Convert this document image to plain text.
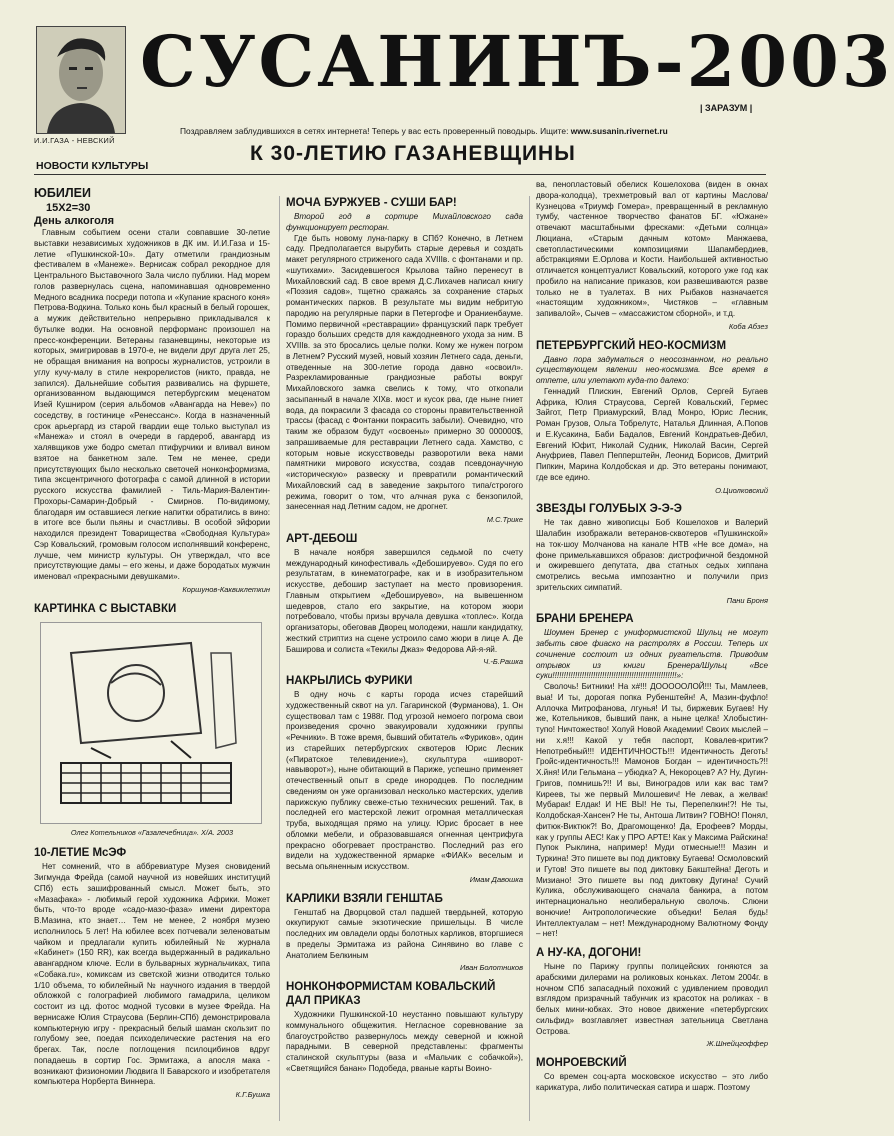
И.И.ГАЗА - НЕВСКИЙ
СУСАНИНЪ-2003
| ЗАРАЗУМ |
Поздравляем заблудившихся в сетях интернета! Теперь у вас есть проверенный поводырь. Ищите: www.susanin.rivernet.ru
К 30-ЛЕТИЮ ГАЗАНЕВЩИНЫ
НОВОСТИ КУЛЬТУРЫ
ЮБИЛЕИ
15Х2=30
День алкоголя

Главным событием осени стали совпавшие 30-летие выставки независимых художников в ДК им. И.И.Газа и 15-летие «Пушкинской-10». Дату отметили грандиозным фестивалем в «Манеже». Вернисаж собрал рекордное для Центрального Выставочного Зала число публики. Над морем голов развернулась сцена, напоминавшая одновременно Медного всадника посреди потопа и «Купание красного коня» Петрова-Водкина. Только конь был красный в белый горошек, а мужик действительно непрерывно прикладывался к бутылке водки. На основной перформанс произошел на пресс-конференции. Ветераны газаневщины, некоторые из которых, эмигрировав в 1970-е, не видели друг друга лет 25, не обращая внимания на вопросы журналистов, устроили в углу кучу-малу в стиле некрорелистов (никто, правда, не запился). Дальнейшие события развивались на фуршете, организованном выдающимся петербургским меценатом Изей Кушниром (серия альбомов «Авангарда на Неве») по соседству, в гостинице «Ренессанс». Когда в назначенный срок арьергард из старой гвардии еще только выступал из «Манежа» и стоял в очереди в гардероб, авангард из халявщиков уже бодро сметал птифурчики и вливал вином взятое на банкетном зале. Тем не менее, среди присутствующих было несколько светочей нонконформизма, типа эксцентричного фотографа с самой длинной в истории русского искусства фамилией - Тиль-Мария-Валентин-Прохоры-Самарин-Добрый - Смирнов. По-видимому, благодаря им оставшиеся легкие напитки обратились в вино: в итоге все были пьяны и счастливы. В особой эйфории находился президент Товарищества «Свободная Культура» Сэр Ковальский, громовым голосом исполнявший конференс, лучше, чем министр культуры. Он утверждал, что все присутствующие дамы – его жены, и даже бородатых мужчин именовал «прекрасными девушками».

Коршунов-Каквиклеткин
КАРТИНКА С ВЫСТАВКИ
Олег Котельников «Газалечебница». Х/А. 2003
10-ЛЕТИЕ МсЭФ

Нет сомнений, что в аббревиатуре Музея сновидений Зигмунда Фрейда (самой научной из новейших институций СПб) есть зашифрованный смысл. Может быть, это «Мазафака» - любимый герой художника Африки. Может быть, что-то вроде «садо-мазо-фаза» имени директора В.Мазина, кто знает… Тем не менее, 2 ноября музею исполнилось 5 лет! На юбилее всех потчевали зеленоватым чайком и предлагали купить юбилейный № журнала «Кабинет» (150 RR), как всегда выдержанный в радикально авангардном ключе. Если в бульварных журнальчиках, типа «Собака.ru», комиксам из светской жизни отводится только 1/10 объема, то юбилейный № научного издания в твердой обложкой с голографией любимого гамадрила, целиком состоит из цд. фотос модной тусовки в музее Фрейда. На вернисаже Юлия Страусова (Берлин-СПб) демонстрировала компьютерную игру - прекрасный белый шаман скользит по голубому зее, поедая психоделические растения на его брегах. Так, после поглощения псилоцибинов вдруг попадаешь в сортир Гос. Эрмитажа, а апосля мака - возникают физиономии Людвига II Баварского и изобретателя компьютера Норберта Виннера.

К.Г.Бушка
МОЧА БУРЖУЕВ - СУШИ БАР!

Второй год в сортире Михайловского сада функционирует ресторан.

Где быть новому луна-парку в СПб? Конечно, в Летнем саду. Предполагается вырубить старые деревья и создать макет регулярного стриженого сада XVIIIв. с фонтанами и пр. «шутихами». Засидевшегося Крылова тайно перенесут в Михайловский сад. В свое время Д.С.Лихачев написал книгу «Поэзия садов», тщетно сражаясь за сохранение старых романтических парков. В результате мы видим небритую пародию на регулярные парки в Петергофе и Ораниенбауме. Помимо первичной «реставрации» французский парк требует гораздо больших средств для каждодневного ухода за ним. В XVIIIв. за это бросались целые полки. Кому же нужен погром в Летнем? Русский музей, новый хозяин Летнего сада, деньги, отведенные на 300-летие города давно «освоил». Разрекламированные грандиозные работы вокруг Михайловского замка свелись к тому, что откопали засыпанный в начале XIXв. мост и кусок рва, где ныне гниет вода, да покрасили 3 фасада со стороны правительственной трассы (фасад с Фонтанки покрасить забыли). Очевидно, что таким же образом будут «освоены» примерно 30 000000$, запрашиваемые для реставрации Летнего сада. Хамство, с которым новые искусствоведы разворотили века нами памятники мирового искусства, создав псевдонаучную «историческую» развеску и превратили романтический Михайловский сад в заведение закрытого типа/строгого режима, говорит о том, что алчная рука с бензопилой, занесенная над Летним садом, не дрогнет.

М.С.Трике
АРТ-ДЕБОШ

В начале ноября завершился седьмой по счету международный кинофестиваль «Дебошируево». Судя по его результатам, в кинематографе, как и в изобразительном искусстве, дебошир заступает на место провизорения. Главным открытием «Дебошируево», на вывешенном шедевров, стало его закрытие, на котором жюри потребовало, чтобы призы вручала девушка «топлес». Когда организаторы, обеговав Дворец молодежи, нашли кандидатку, жесткий стриптиз на сцене устроило само жюри в лице А. Де Баширова и солиста «Текилы Джаз» Федорова Ай-я-яй.

Ч.-Б.Рашка
НАКРЫЛИСЬ ФУРИКИ

В одну ночь с карты города исчез старейший художественный сквот на ул. Гагаринской (Фурманова), 1. Он существовал там с 1988г. Под угрозой немоего погрома свои произведения срочно эвакуировали художники группы «Речники». В тоже время, бывший обитатель «Фуриков», один из старейших петербургских сквотеров Юрис Лесник («Пиратское телевидение»), скульптура «шиворот-навыворот»), ныне обитающий в Париже, успешно применяет отечественный опыт в среде инородцев. По последним сведениям он уже организовал несколько мастерских, уделив парижскую публику свеже-стью технических решений. Так, в последней его мастерской лежит огромная металлическая труба, выходящая прямо на улицу. Юрис бросает в нее обломки мебели, и образовавшаяся огненная центрифуга прекрасно обогревает пространство. Последний раз его видели на художественной ярмарке «ФИАК» веселым и весьма опьяненным искусством.

Имам Давошка
КАРЛИКИ ВЗЯЛИ ГЕНШТАБ

Генштаб на Дворцовой стал падшей твердыней, которую оккупируют самые экзотические пришельцы. В числе последних им овладели орды болотных карликов, вторгшиеся в пределы Эрмитажа из района Синявино во главе с Анатолием Белкиным

Иван Болотников
НОНКОНФОРМИСТАМ КОВАЛЬСКИЙ ДАЛ ПРИКАЗ

Художники Пушкинской-10 неустанно повышают культуру коммунального общежития. Негласное соревнование за благоустройство развернулось между северной и южной парадными. В северной представлены: фрагменты сталинской скульптуры (ваза и «Мальчик с собачкой»), «Светящийся банан» Подобеда, рваные карты Воино-

ва, пенопластовый обелиск Кошелохова (виден в окнах двора-колодца), трехметровый вал от картины Маслова/Кузнецова «Триумф Гомера», превращенный в рекламную тумбу, частенное творчество фанатов БГ. «Южане» отвечают масштабными фресками: «Детьми солнца» Люциана, «Старым дачным котом» Манжаева, светопластическими композициями Шапамбердиев, абстракциями Е.Орлова и Кости. Наибольшей активностью отличается концептуалист Ковальский, которого уже год как пробило на написание приказов, кои развешиваются разве только не в туалетах. В них Рыбаков назначается «настоящим художником», Чистяков – «главным запивалой», Сычев – «массажистом сборной», и т.д.

Коба Абзез
ПЕТЕРБУРГСКИЙ НЕО-КОСМИЗМ

Давно пора задуматься о неосознанном, но реально существующем явлении нео-космизма. Все время в отпете, или улетают куда-то далеко:

Геннадий Плискин, Евгений Орлов, Сергей Бугаев Африка, Юлия Страусова, Сергей Ковальский, Гермес Зайгот, Петр Приамурский, Влад Монро, Юрис Лесник, Роман Грузов, Ольга Тобрелутс, Наталья Длинная, А.Попов и Е.Кусакина, Баби Бадалов, Евгений Кондратьев-Дебил, Евгений Юфит, Николай Судник, Николай Васин, Сергей Ануфриев, Павел Пепперштейн, Леонид Борисов, Дмитрий Пипкин, Марина Колдобская и др. Это ветераны понимают, где все едино.

О.Циолковский
ЗВЕЗДЫ ГОЛУБЫХ Э-Э-Э

Не так давно живописцы Боб Кошелохов и Валерий Шалабин изображали ветеранов-сквотеров «Пушкинской» на ток-шоу Молчанова на канале НТВ «Не все дома», на фоне примелькавшихся образов: дистрофичной бездомной и ожиревшего депутата, два статных седых хиппана смотрелись весьма импозантно и получили приз зрительских симпатий.

Пани Броня
БРАНИ БРЕНЕРА

Шоумен Бренер с униформистской Шульц не могут забыть свое фиаско на растролях в России. Теперь их сочинение состоит из одних ругательств. Приводим отрывок из книги Бренера/Шульц «Все суки!!!!!!!!!!!!!!!!!!!!!!!!!!!!!!!!!!!!!!!!!!!!!!!!!!!!!!!»:

Сволочь! Битники! На х#!!! ДОООООЛОЙ!!! Ты, Мамлеев, выа! И ты, дорогая попка Рубенштейн! А, Мазин-фуфло! Аллочка Митрофанова, лгунья! И ты, биржевик Бугаев! Ну же, Котельников, бывший панк, а ныне целка! Хлобыстин-тупо! Ничтожество! Холуй Новой Академии! Своих мыслей – ни х.я!!! Какой у тебя паспорт, Ковалев-критик? Непотребный!!! ИДЕНТИЧНОСТЬ!!! Идентичность Деготь! Гройс-идентичность!!! Мамонов Богдан – идентичность?!! Х.йня! Или Гельмана – убюдка? А, Некороцев? А? Ну, Дугин-Григов, помнишь?!! И вы, Виноградов или как вас там? Киреев, ты же первый Милошевич! Не левак, а желвак! Мубарак! Елдак! И НЕ ВЫ! Не ты, Перепелкин!?! Не ты, Колдобская-Хансен? Не ты, Антоша Литвин? ГОВНО! Понял, фитюк-Виктюк?! Во, Драгомощенко! Да, Ерофеев? Морды, как у группы АЕС! Как у ПРО АРТЕ! Как у Максима Райскина! Пупок Рыклина, например! Муди отмесные!!! Мазин и Туркина! Это пишете вы под диктовку Бугаева! Осмоловский и Гутов! Это пишете вы под диктовку Бакштейна! Деготь и Мизиано! Это пишете вы под диктовку Дугина! Сучий Кулика, обслуживающего сначала банкира, а потом интернационально неолиберальную сволочь. Слюни вонючие! Антропологические объедки! Белая будь! Интеллектуалам – нет! Международному Валютному Фонду – нет!

А НУ-КА, ДОГОНИ!

Ныне по Парижу группы полицейских гоняются за арабскими дилерами на роликовых коньках. Летом 2004г. в ночном СПб запасадный похожий с удивлением проводил взглядом призрачный табунчик из красоток на роликах - в белых мини-юбках. Это новое движение «петербургских сильфид» возглавляет известная зательница Светлана Острова.

Ж.Шнейцгоффер
МОНРОЕВСКИЙ

Со времен соц-арта московское искусство – это либо карикатура, либо политическая сатира и шарж. Поэтому
